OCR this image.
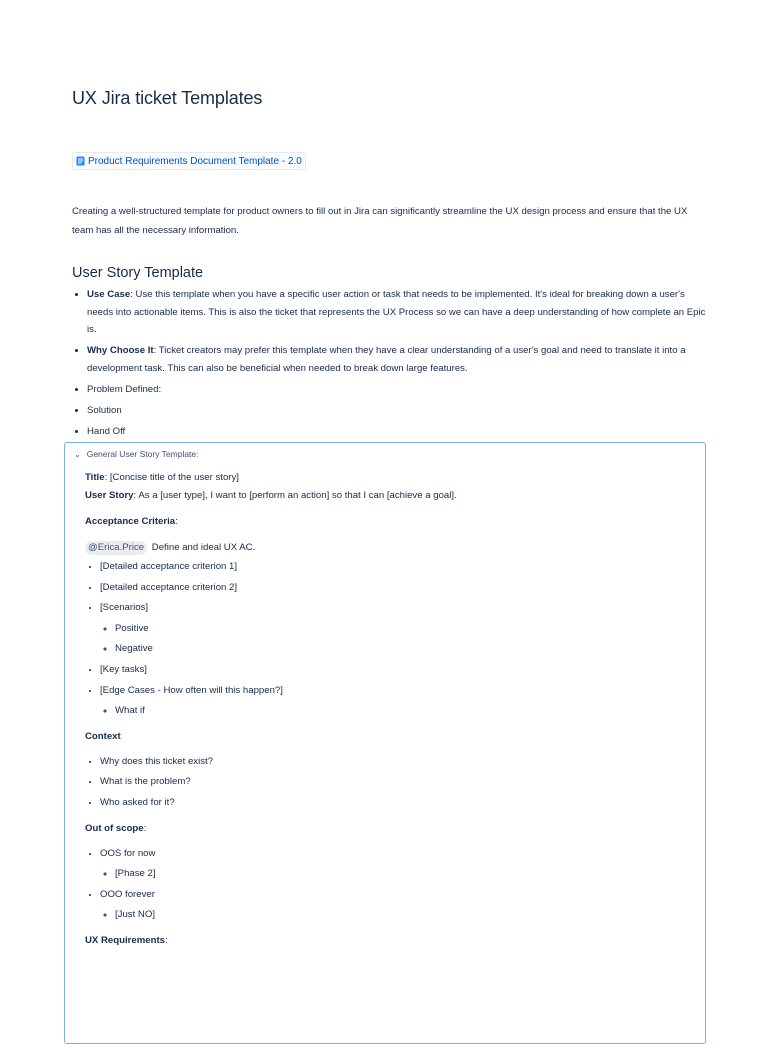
UX Jira ticket Templates
Product Requirements Document Template - 2.0

Creating a well-structured template for product owners to fill out in Jira can significantly streamline the UX design process and ensure that the UX team has all the necessary information.

User Story Template
• Use Case: Use this template when you have a specific user action or task that needs to be implemented. It's ideal for breaking down a user's needs into actionable items. This is also the ticket that represents the UX Process so we can have a deep understanding of how complete an Epic is.
• Why Choose It: Ticket creators may prefer this template when they have a clear understanding of a user's goal and need to translate it into a development task. This can also be beneficial when needed to break down large features.
• Problem Defined:
• Solution
• Hand Off
⌄ General User Story Template:

Title: [Concise title of the user story]

User Story: As a [user type], I want to [perform an action] so that I can [achieve a goal].

Acceptance Criteria:

@Erica.Price Define and ideal UX AC.

• [Detailed acceptance criterion 1]
• [Detailed acceptance criterion 2]
• [Scenarios]
◦ Positive
◦ Negative
• [Key tasks]
• [Edge Cases - How often will this happen?]
◦ What if

Context

• Why does this ticket exist?
• What is the problem?
• Who asked for it?

Out of scope:

• OOS for now
◦ [Phase 2]
• OOO forever
◦ [Just NO]

UX Requirements:
